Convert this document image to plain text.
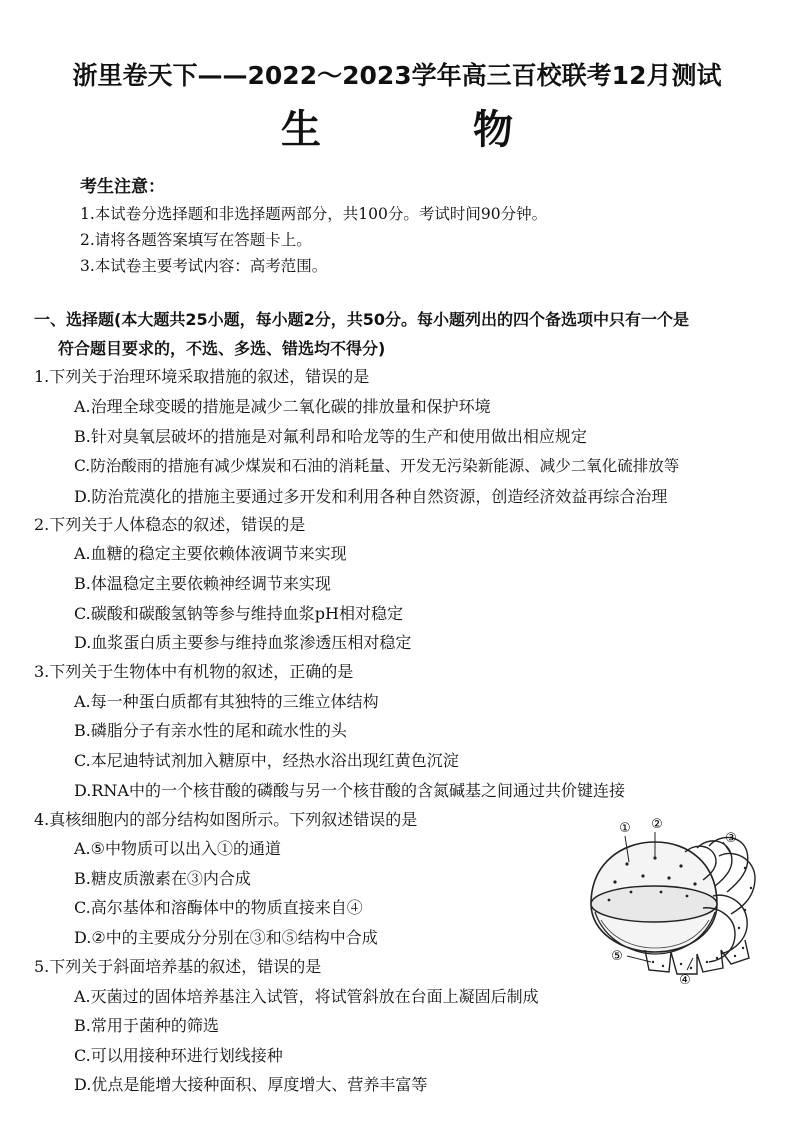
浙里卷天下——2022～2023学年高三百校联考12月测试
生　物
考生注意：
1.本试卷分选择题和非选择题两部分，共100分。考试时间90分钟。
2.请将各题答案填写在答题卡上。
3.本试卷主要考试内容：高考范围。
一、选择题(本大题共25小题，每小题2分，共50分。每小题列出的四个备选项中只有一个是
符合题目要求的，不选、多选、错选均不得分)
1.下列关于治理环境采取措施的叙述，错误的是
A.治理全球变暖的措施是减少二氧化碳的排放量和保护环境
B.针对臭氧层破坏的措施是对氟利昂和哈龙等的生产和使用做出相应规定
C.防治酸雨的措施有减少煤炭和石油的消耗量、开发无污染新能源、减少二氧化硫排放等
D.防治荒漠化的措施主要通过多开发和利用各种自然资源，创造经济效益再综合治理
2.下列关于人体稳态的叙述，错误的是
A.血糖的稳定主要依赖体液调节来实现
B.体温稳定主要依赖神经调节来实现
C.碳酸和碳酸氢钠等参与维持血浆pH相对稳定
D.血浆蛋白质主要参与维持血浆渗透压相对稳定
3.下列关于生物体中有机物的叙述，正确的是
A.每一种蛋白质都有其独特的三维立体结构
B.磷脂分子有亲水性的尾和疏水性的头
C.本尼迪特试剂加入糖原中，经热水浴出现红黄色沉淀
D.RNA中的一个核苷酸的磷酸与另一个核苷酸的含氮碱基之间通过共价键连接
4.真核细胞内的部分结构如图所示。下列叙述错误的是
A.⑤中物质可以出入①的通道
B.糖皮质激素在③内合成
C.高尔基体和溶酶体中的物质直接来自④
D.②中的主要成分分别在③和⑤结构中合成
5.下列关于斜面培养基的叙述，错误的是
A.灭菌过的固体培养基注入试管，将试管斜放在台面上凝固后制成
B.常用于菌种的筛选
C.可以用接种环进行划线接种
D.优点是能增大接种面积、厚度增大、营养丰富等
① ②
③
⑤
④
